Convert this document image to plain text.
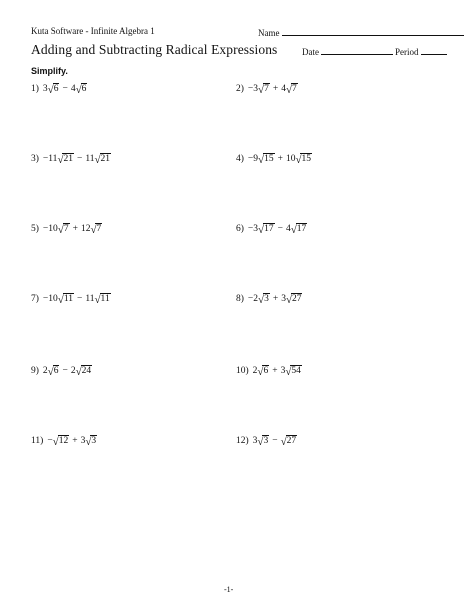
Kuta Software - Infinite Algebra 1	Name
Adding and Subtracting Radical Expressions	Date	Period
Simplify.
1) 3 √ 6 − 4 √ 6	2) −3 √ 7 + 4 √ 7
3) −11 √ 21 − 11 √ 21	4) −9 √ 15 + 10 √ 15
5) −10 √ 7 + 12 √ 7	6) −3 √ 17 − 4 √ 17
7) −10 √ 11 − 11 √ 11	8) −2 √ 3 + 3 √ 27
9) 2 √ 6 − 2 √ 24	10) 2 √ 6 + 3 √ 54
11) − √ 12 + 3 √ 3	12) 3 √ 3 − √ 27
-1-
